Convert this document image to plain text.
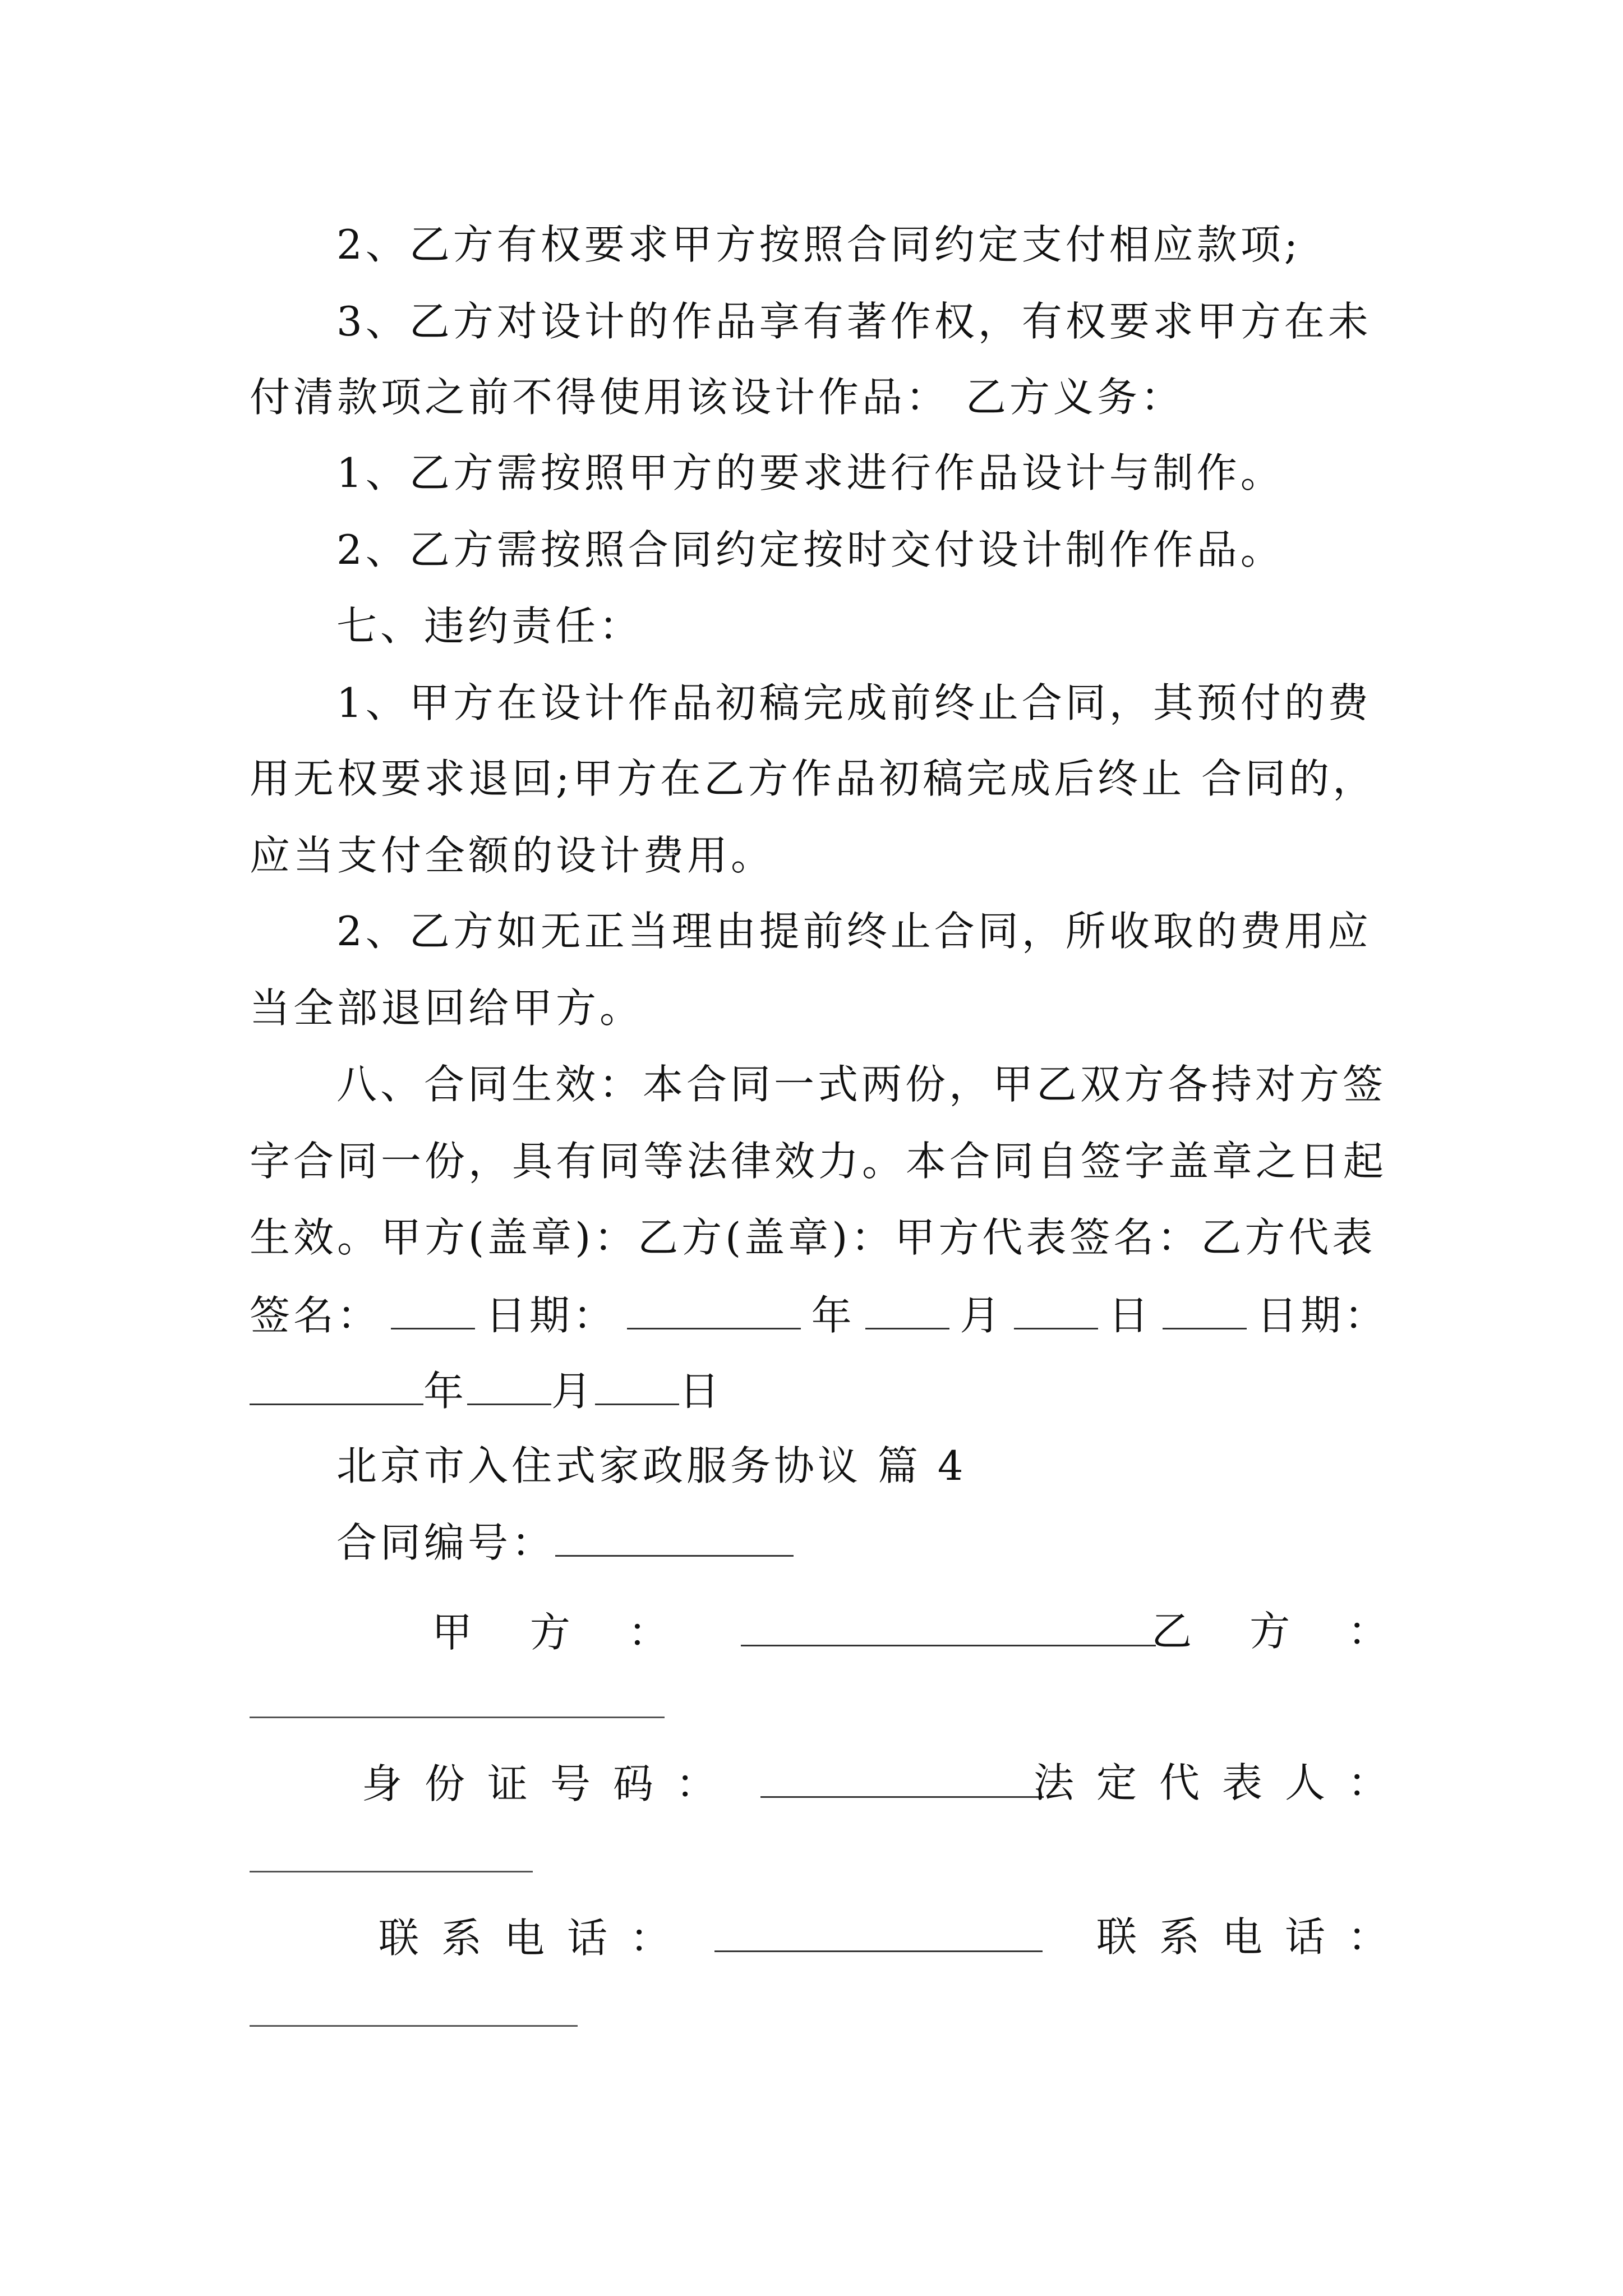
2、乙方有权要求甲方按照合同约定支付相应款项;
3、乙方对设计的作品享有著作权，有权要求甲方在未
付清款项之前不得使用该设计作品： 乙方义务：
1、乙方需按照甲方的要求进行作品设计与制作。
2、乙方需按照合同约定按时交付设计制作作品。
七、违约责任：
1、甲方在设计作品初稿完成前终止合同，其预付的费
用无权要求退回;甲方在乙方作品初稿完成后终止 合同的，
应当支付全额的设计费用。
2、乙方如无正当理由提前终止合同，所收取的费用应
当全部退回给甲方。
八、合同生效：本合同一式两份，甲乙双方各持对方签
字合同一份，具有同等法律效力。本合同自签字盖章之日起
生效。甲方(盖章)：乙方(盖章)：甲方代表签名：乙方代表
签名：	日期：	年	月	日	日期：
年 月 日
北京市入住式家政服务协议 篇 4
合同编号：
甲 方 ：	乙 方 ：
身份证号码：	法定代表人：
联系电话：	联系电话：
